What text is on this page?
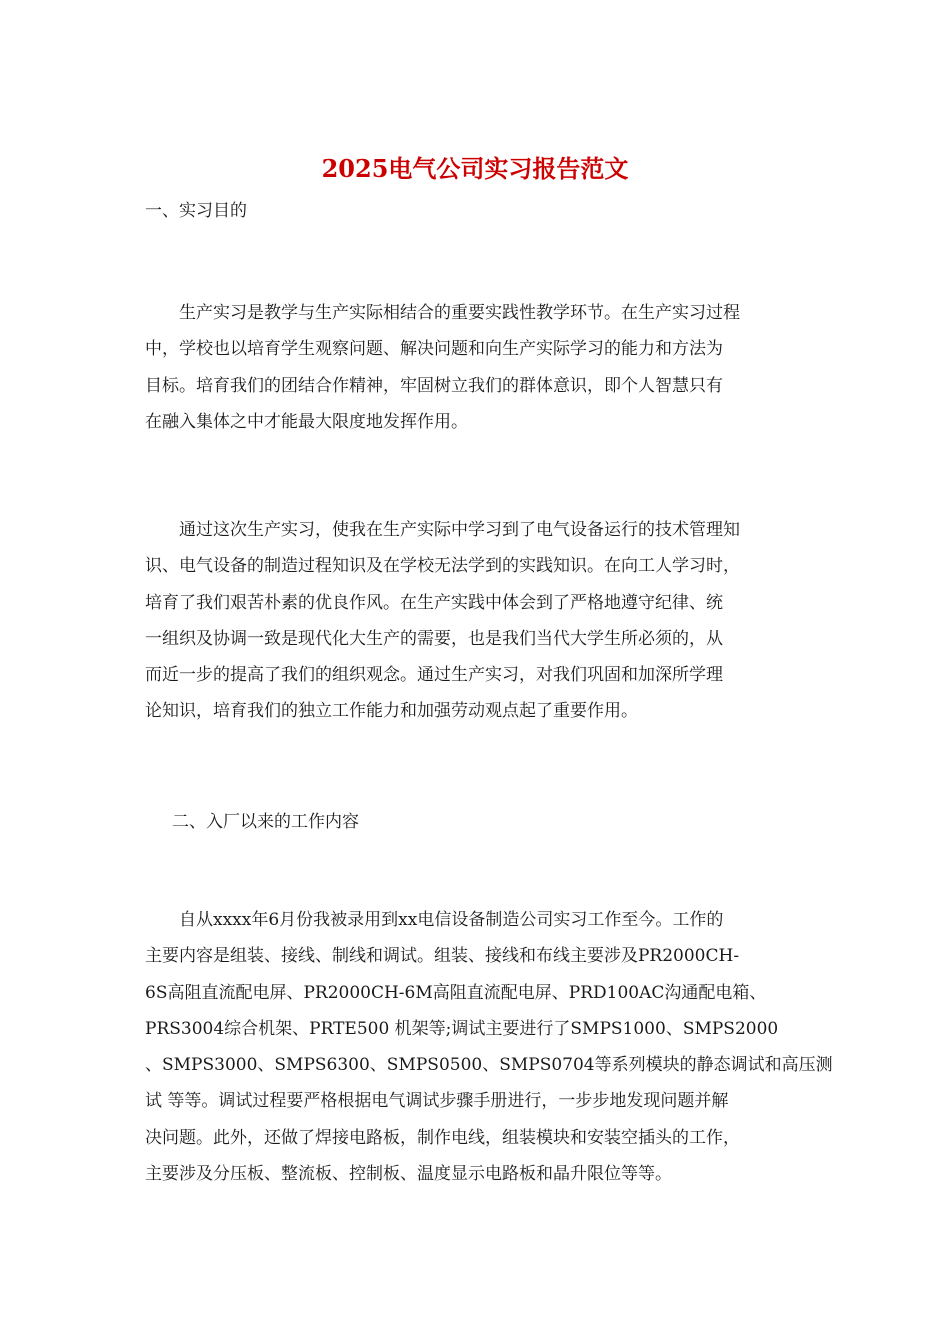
2025电气公司实习报告范文

一、实习目的

　　生产实习是教学与生产实际相结合的重要实践性教学环节。在生产实习过程
中，学校也以培育学生观察问题、解决问题和向生产实际学习的能力和方法为
目标。培育我们的团结合作精神，牢固树立我们的群体意识，即个人智慧只有
在融入集体之中才能最大限度地发挥作用。

　　通过这次生产实习，使我在生产实际中学习到了电气设备运行的技术管理知
识、电气设备的制造过程知识及在学校无法学到的实践知识。在向工人学习时，
培育了我们艰苦朴素的优良作风。在生产实践中体会到了严格地遵守纪律、统
一组织及协调一致是现代化大生产的需要，也是我们当代大学生所必须的，从
而近一步的提高了我们的组织观念。通过生产实习，对我们巩固和加深所学理
论知识，培育我们的独立工作能力和加强劳动观点起了重要作用。

二、入厂以来的工作内容

　　自从xxxx年6月份我被录用到xx电信设备制造公司实习工作至今。工作的
主要内容是组装、接线、制线和调试。组装、接线和布线主要涉及PR2000CH-
6S高阻直流配电屏、PR2000CH-6M高阻直流配电屏、PRD100AC沟通配电箱、
PRS3004综合机架、PRTE500 机架等;调试主要进行了SMPS1000、SMPS2000
、SMPS3000、SMPS6300、SMPS0500、SMPS0704等系列模块的静态调试和高压测
试 等等。调试过程要严格根据电气调试步骤手册进行，一步步地发现问题并解
决问题。此外，还做了焊接电路板，制作电线，组装模块和安装空插头的工作，
主要涉及分压板、整流板、控制板、温度显示电路板和晶升限位等等。
